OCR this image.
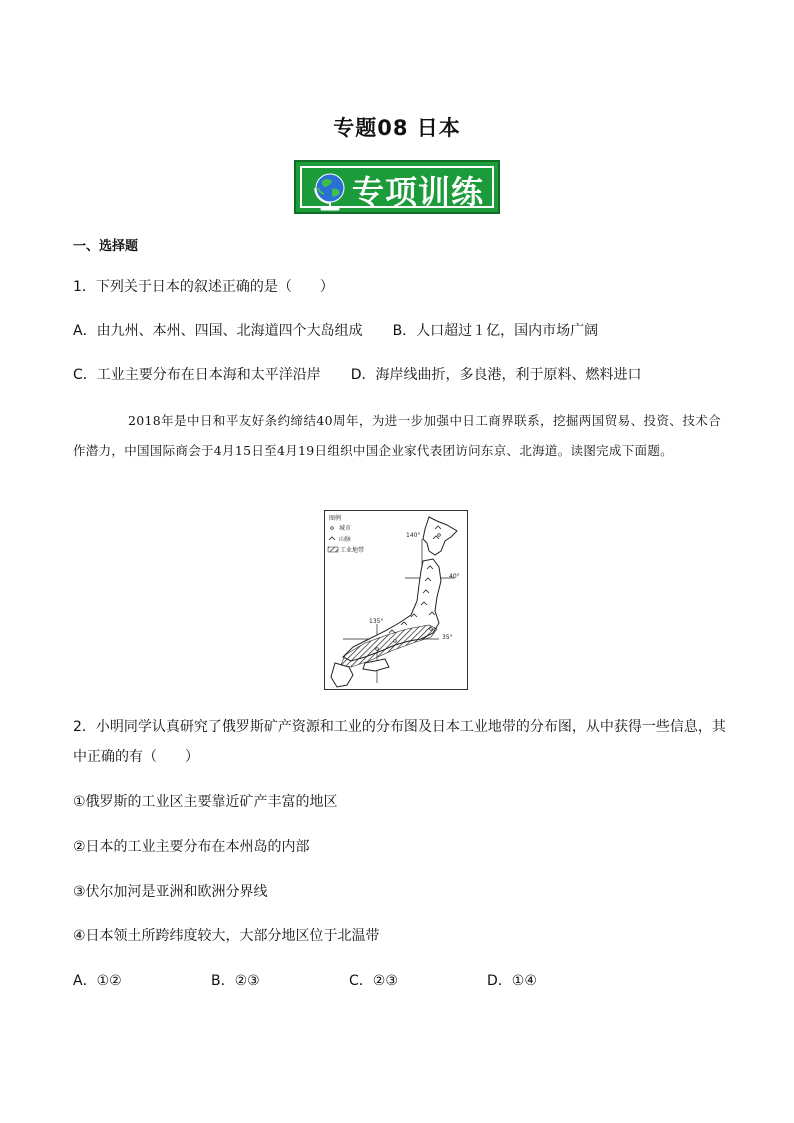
专题08 日本
专项训练
一、选择题
1．下列关于日本的叙述正确的是（　　）
A．由九州、本州、四国、北海道四个大岛组成 B．人口超过１亿，国内市场广阔
C．工业主要分布在日本海和太平洋沿岸 D．海岸线曲折，多良港，利于原料、燃料进口
2018年是中日和平友好条约缔结40周年，为进一步加强中日工商界联系，挖掘两国贸易、投资、技术合作潜力，中国国际商会于4月15日至4月19日组织中国企业家代表团访问东京、北海道。读图完成下面题。
图例
城市
山脉
工业地带
140°
40°
135°
35°
2．小明同学认真研究了俄罗斯矿产资源和工业的分布图及日本工业地带的分布图，从中获得一些信息，其
中正确的有（　　）
①俄罗斯的工业区主要靠近矿产丰富的地区
②日本的工业主要分布在本州岛的内部
③伏尔加河是亚洲和欧洲分界线
④日本领土所跨纬度较大，大部分地区位于北温带
A．①②	B．②③	C．②③	D．①④
